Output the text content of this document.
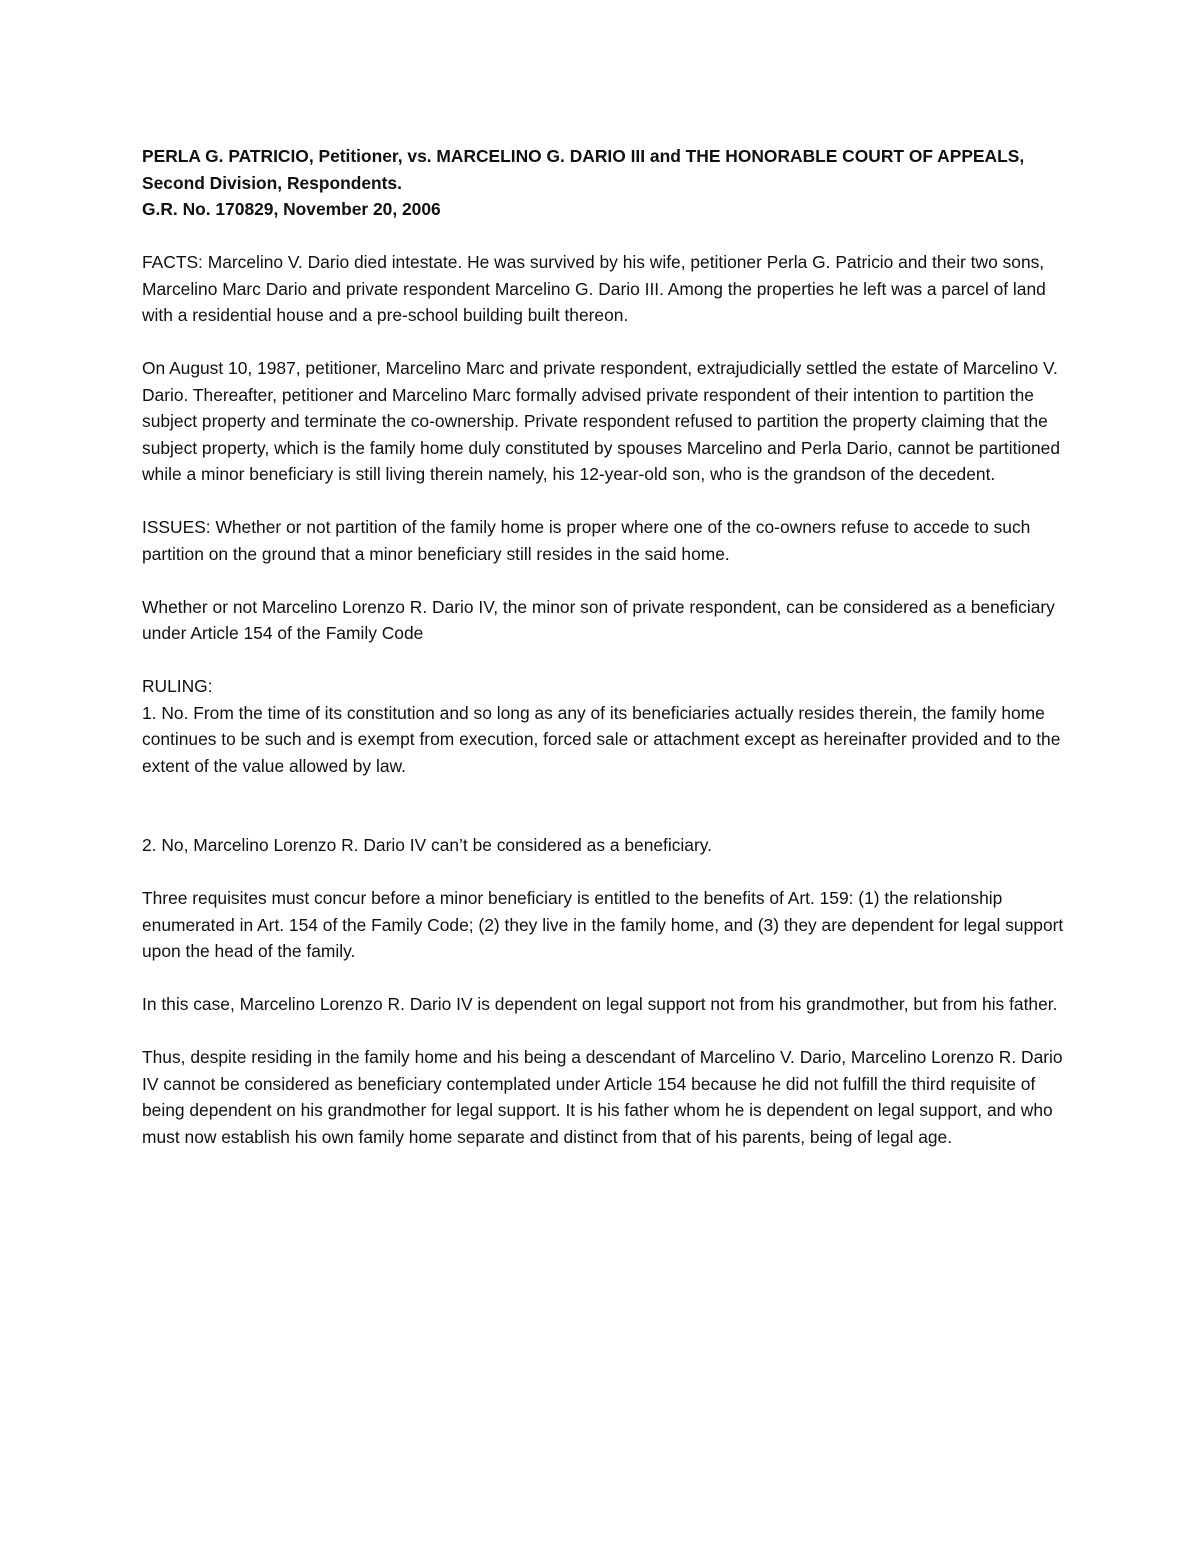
PERLA G. PATRICIO, Petitioner, vs. MARCELINO G. DARIO III and THE HONORABLE COURT OF APPEALS,

Second Division, Respondents.

G.R. No. 170829, November 20, 2006

FACTS: Marcelino V. Dario died intestate. He was survived by his wife, petitioner Perla G. Patricio and their two sons, Marcelino Marc Dario and private respondent Marcelino G. Dario III. Among the properties he left was a parcel of land with a residential house and a pre-school building built thereon.

On August 10, 1987, petitioner, Marcelino Marc and private respondent, extrajudicially settled the estate of Marcelino V. Dario. Thereafter, petitioner and Marcelino Marc formally advised private respondent of their intention to partition the subject property and terminate the co-ownership. Private respondent refused to partition the property claiming that the subject property, which is the family home duly constituted by spouses Marcelino and Perla Dario, cannot be partitioned while a minor beneficiary is still living therein namely, his 12-year-old son, who is the grandson of the decedent.

ISSUES: Whether or not partition of the family home is proper where one of the co-owners refuse to accede to such partition on the ground that a minor beneficiary still resides in the said home.

Whether or not Marcelino Lorenzo R. Dario IV, the minor son of private respondent, can be considered as a beneficiary under Article 154 of the Family Code

RULING:

1. No. From the time of its constitution and so long as any of its beneficiaries actually resides therein, the family home continues to be such and is exempt from execution, forced sale or attachment except as hereinafter provided and to the extent of the value allowed by law.

2. No, Marcelino Lorenzo R. Dario IV can’t be considered as a beneficiary.

Three requisites must concur before a minor beneficiary is entitled to the benefits of Art. 159: (1) the relationship enumerated in Art. 154 of the Family Code; (2) they live in the family home, and (3) they are dependent for legal support upon the head of the family.

In this case, Marcelino Lorenzo R. Dario IV is dependent on legal support not from his grandmother, but from his father.

Thus, despite residing in the family home and his being a descendant of Marcelino V. Dario, Marcelino Lorenzo R. Dario IV cannot be considered as beneficiary contemplated under Article 154 because he did not fulfill the third requisite of being dependent on his grandmother for legal support. It is his father whom he is dependent on legal support, and who must now establish his own family home separate and distinct from that of his parents, being of legal age.
